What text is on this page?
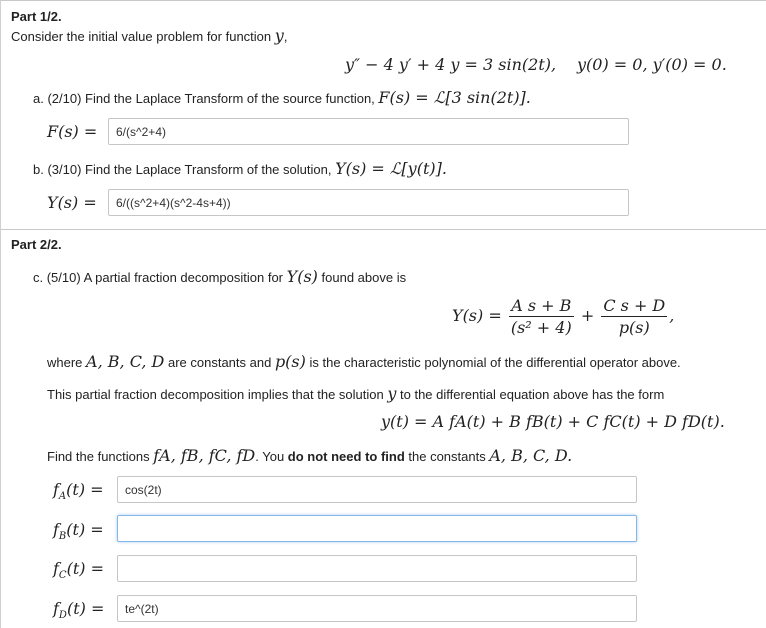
Part 1/2.
Consider the initial value problem for function y,
y″ − 4 y′ + 4 y = 3 sin(2t), y(0) = 0, y′(0) = 0.
a. (2/10) Find the Laplace Transform of the source function, F(s) = ℒ[3 sin(2t)].
F(s) =
6/(s^2+4)
b. (3/10) Find the Laplace Transform of the solution, Y(s) = ℒ[y(t)].
Y(s) =
6/((s^2+4)(s^2-4s+4))
Part 2/2.
c. (5/10) A partial fraction decomposition for Y(s) found above is
$Y(s) = \frac{\text{A s + B}}{\text{(s² + 4)}} + \frac{\text{C s + D}}{p(s)}$ ,
where A, B, C, D are constants and p(s) is the characteristic polynomial of the differential operator above.
This partial fraction decomposition implies that the solution y to the differential equation above has the form
y(t) = A fA(t) + B fB(t) + C fC(t) + D fD(t).
Find the functions fA, fB, fC, fD. You do not need to find the constants A, B, C, D.
$f_A(t)$ =
cos(2t)
$f_B(t)$ =
$f_C(t)$ =
$f_D(t)$ =
te^(2t)
